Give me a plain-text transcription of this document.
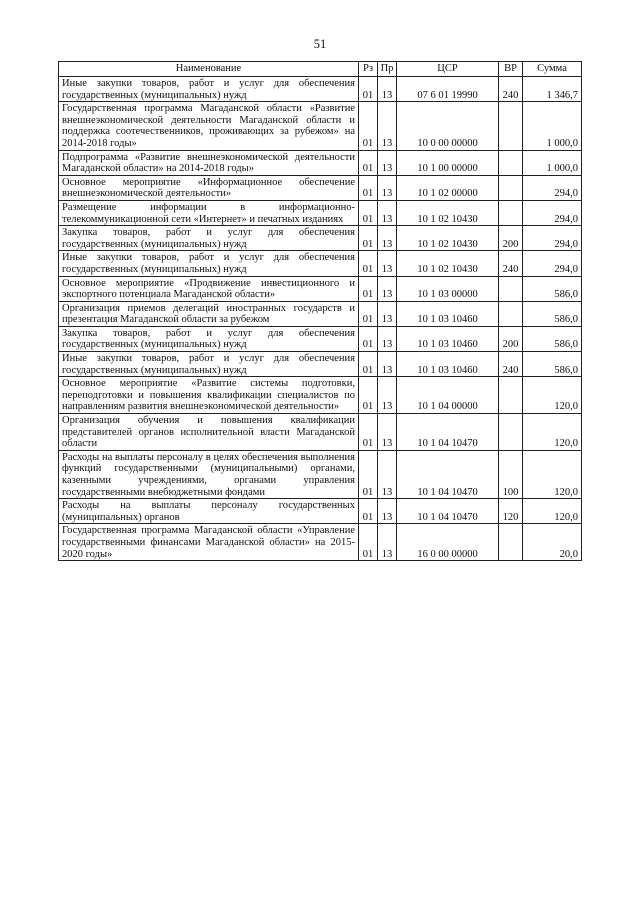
51
Наименование	Рз	Пр	ЦСР	ВР	Сумма
Иные закупки товаров, работ и услуг для обеспечения государственных (муниципальных) нужд	01	13	07 6 01 19990	240	1 346,7
Государственная программа Магаданской области «Развитие внешнеэкономической деятельности Магаданской области и поддержка соотечественников, проживающих за рубежом» на 2014-2018 годы»	01	13	10 0 00 00000		1 000,0
Подпрограмма «Развитие внешнеэкономической деятельности Магаданской области» на 2014-2018 годы»	01	13	10 1 00 00000		1 000,0
Основное мероприятие «Информационное обеспечение внешнеэкономической деятельности»	01	13	10 1 02 00000		294,0
Размещение информации в информационно-телекоммуникационной сети «Интернет» и печатных изданиях	01	13	10 1 02 10430		294,0
Закупка товаров, работ и услуг для обеспечения государственных (муниципальных) нужд	01	13	10 1 02 10430	200	294,0
Иные закупки товаров, работ и услуг для обеспечения государственных (муниципальных) нужд	01	13	10 1 02 10430	240	294,0
Основное мероприятие «Продвижение инвестиционного и экспортного потенциала Магаданской области»	01	13	10 1 03 00000		586,0
Организация приемов делегаций иностранных государств и презентация Магаданской области за рубежом	01	13	10 1 03 10460		586,0
Закупка товаров, работ и услуг для обеспечения государственных (муниципальных) нужд	01	13	10 1 03 10460	200	586,0
Иные закупки товаров, работ и услуг для обеспечения государственных (муниципальных) нужд	01	13	10 1 03 10460	240	586,0
Основное мероприятие «Развитие системы подготовки, переподготовки и повышения квалификации специалистов по направлениям развития внешнеэкономической деятельности»	01	13	10 1 04 00000		120,0
Организация обучения и повышения квалификации представителей органов исполнительной власти Магаданской области	01	13	10 1 04 10470		120,0
Расходы на выплаты персоналу в целях обеспечения выполнения функций государственными (муниципальными) органами, казенными учреждениями, органами управления государственными внебюджетными фондами	01	13	10 1 04 10470	100	120,0
Расходы на выплаты персоналу государственных (муниципальных) органов	01	13	10 1 04 10470	120	120,0
Государственная программа Магаданской области «Управление государственными финансами Магаданской области» на 2015-2020 годы»	01	13	16 0 00 00000		20,0
